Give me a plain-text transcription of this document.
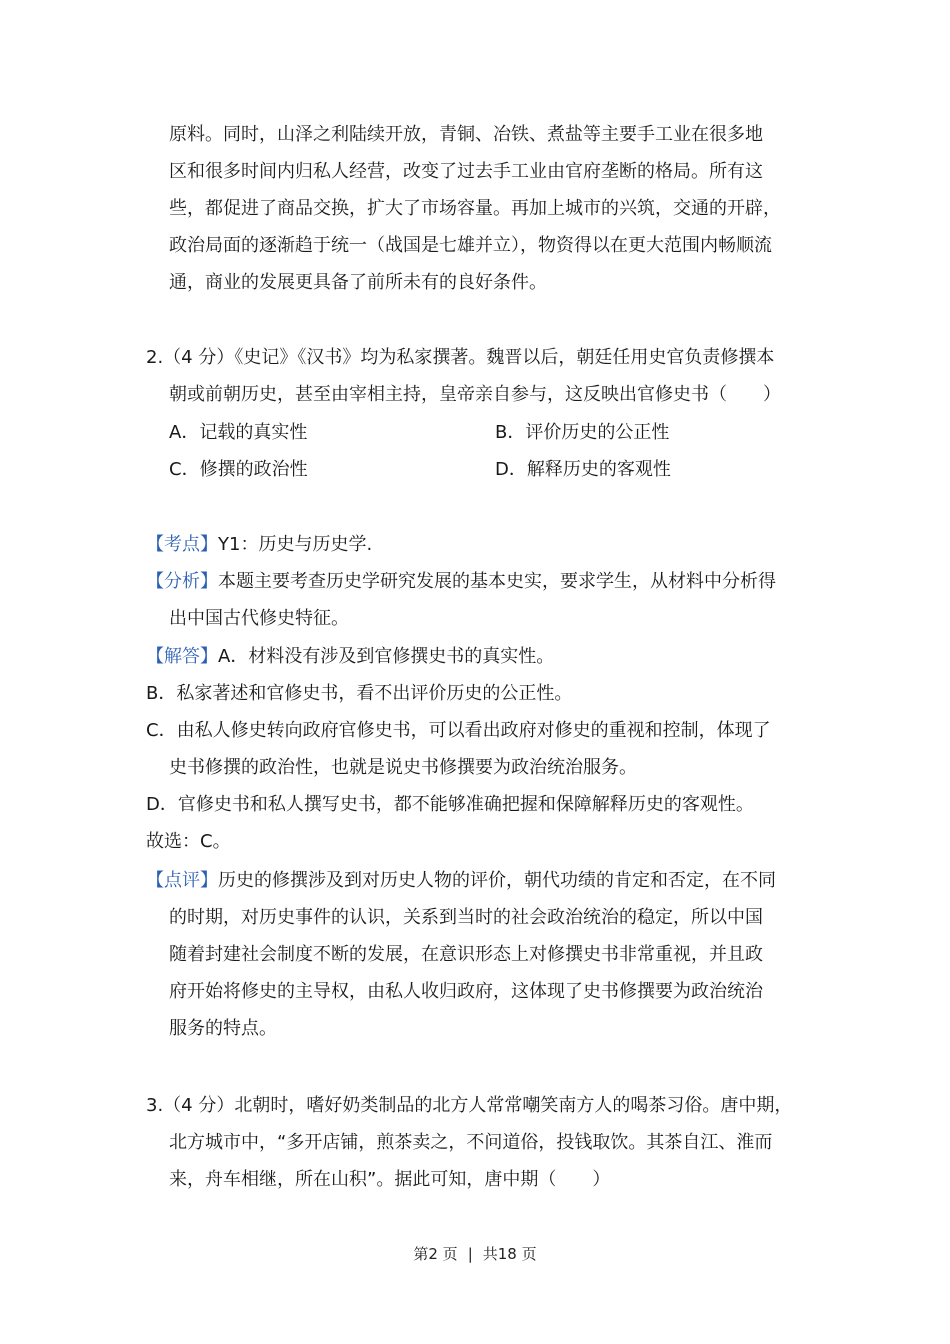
原料。同时，山泽之利陆续开放，青铜、冶铁、煮盐等主要手工业在很多地
区和很多时间内归私人经营，改变了过去手工业由官府垄断的格局。所有这
些，都促进了商品交换，扩大了市场容量。再加上城市的兴筑，交通的开辟，
政治局面的逐渐趋于统一（战国是七雄并立），物资得以在更大范围内畅顺流
通，商业的发展更具备了前所未有的良好条件。
2.（4 分）《史记》《汉书》均为私家撰著。魏晋以后，朝廷任用史官负责修撰本
朝或前朝历史，甚至由宰相主持，皇帝亲自参与，这反映出官修史书（　　）
A．记载的真实性	B．评价历史的公正性
C．修撰的政治性	D．解释历史的客观性
【考点】Y1：历史与历史学.
【分析】本题主要考查历史学研究发展的基本史实，要求学生，从材料中分析得
出中国古代修史特征。
【解答】A．材料没有涉及到官修撰史书的真实性。
B．私家著述和官修史书，看不出评价历史的公正性。
C．由私人修史转向政府官修史书，可以看出政府对修史的重视和控制，体现了
史书修撰的政治性，也就是说史书修撰要为政治统治服务。
D．官修史书和私人撰写史书，都不能够准确把握和保障解释历史的客观性。
故选：C。
【点评】历史的修撰涉及到对历史人物的评价，朝代功绩的肯定和否定，在不同
的时期，对历史事件的认识，关系到当时的社会政治统治的稳定，所以中国
随着封建社会制度不断的发展，在意识形态上对修撰史书非常重视，并且政
府开始将修史的主导权，由私人收归政府，这体现了史书修撰要为政治统治
服务的特点。
3.（4 分）北朝时，嗜好奶类制品的北方人常常嘲笑南方人的喝茶习俗。唐中期，
北方城市中，“多开店铺，煎茶卖之，不问道俗，投钱取饮。其茶自江、淮而
来，舟车相继，所在山积”。据此可知，唐中期（　　）
第2 页 | 共18 页
